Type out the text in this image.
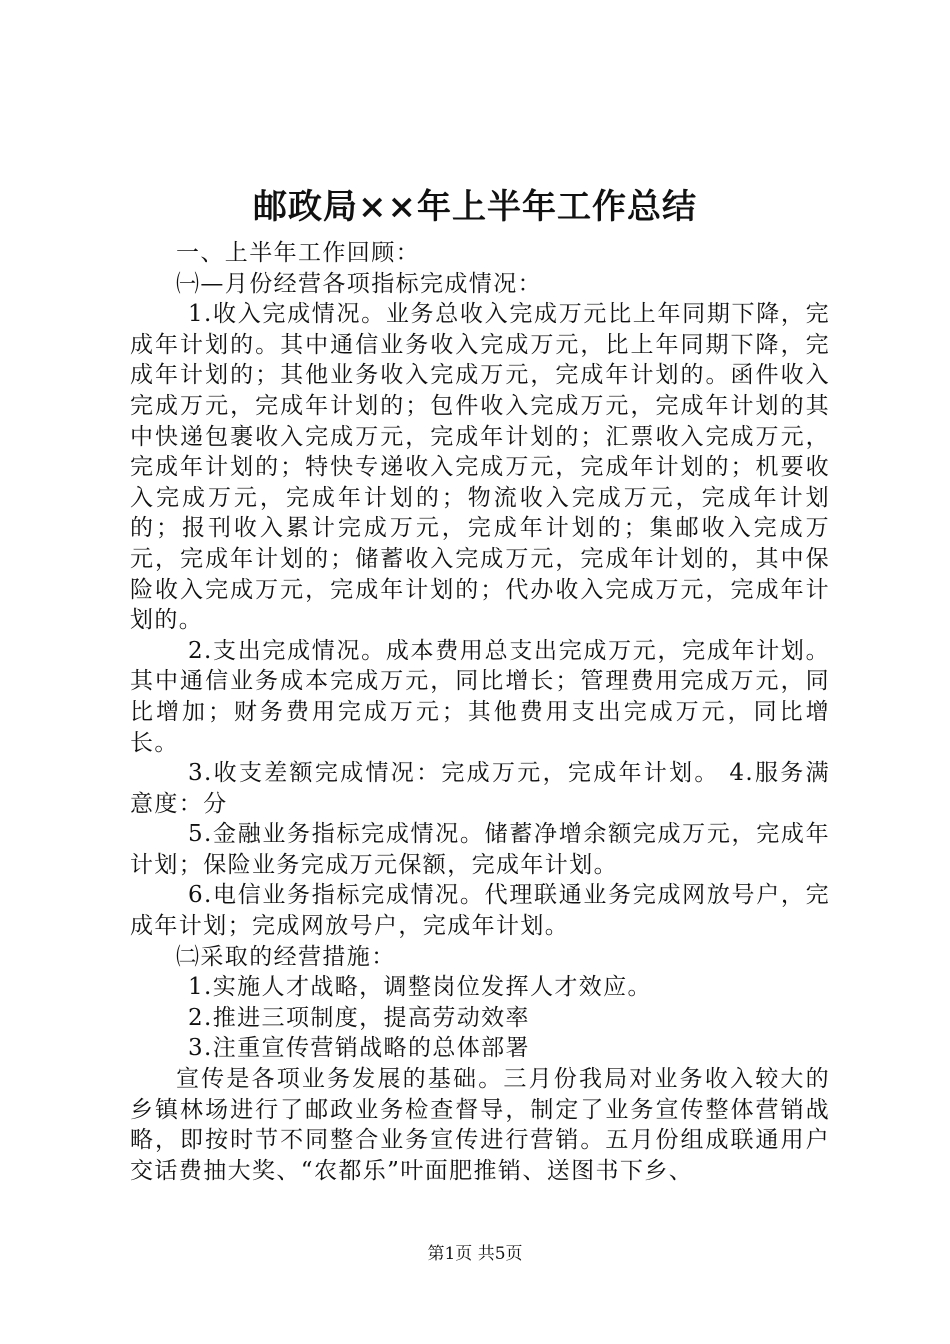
邮政局××年上半年工作总结

一、上半年工作回顾：

㈠—月份经营各项指标完成情况：

1.收入完成情况。业务总收入完成万元比上年同期下降，完成年计划的。其中通信业务收入完成万元，比上年同期下降，完成年计划的；其他业务收入完成万元，完成年计划的。函件收入完成万元，完成年计划的；包件收入完成万元，完成年计划的其中快递包裹收入完成万元，完成年计划的；汇票收入完成万元，完成年计划的；特快专递收入完成万元，完成年计划的；机要收入完成万元，完成年计划的；物流收入完成万元，完成年计划的；报刊收入累计完成万元，完成年计划的；集邮收入完成万元，完成年计划的；储蓄收入完成万元，完成年计划的，其中保险收入完成万元，完成年计划的；代办收入完成万元，完成年计划的。

2.支出完成情况。成本费用总支出完成万元，完成年计划。其中通信业务成本完成万元，同比增长；管理费用完成万元，同比增加；财务费用完成万元；其他费用支出完成万元，同比增长。

3.收支差额完成情况：完成万元，完成年计划。 4.服务满意度：分

5.金融业务指标完成情况。储蓄净增余额完成万元，完成年计划；保险业务完成万元保额，完成年计划。

6.电信业务指标完成情况。代理联通业务完成网放号户，完成年计划；完成网放号户，完成年计划。

㈡采取的经营措施：

1.实施人才战略，调整岗位发挥人才效应。

2.推进三项制度，提高劳动效率

3.注重宣传营销战略的总体部署

宣传是各项业务发展的基础。三月份我局对业务收入较大的乡镇林场进行了邮政业务检查督导，制定了业务宣传整体营销战略，即按时节不同整合业务宣传进行营销。五月份组成联通用户交话费抽大奖、“农都乐”叶面肥推销、送图书下乡、

第1页 共5页
